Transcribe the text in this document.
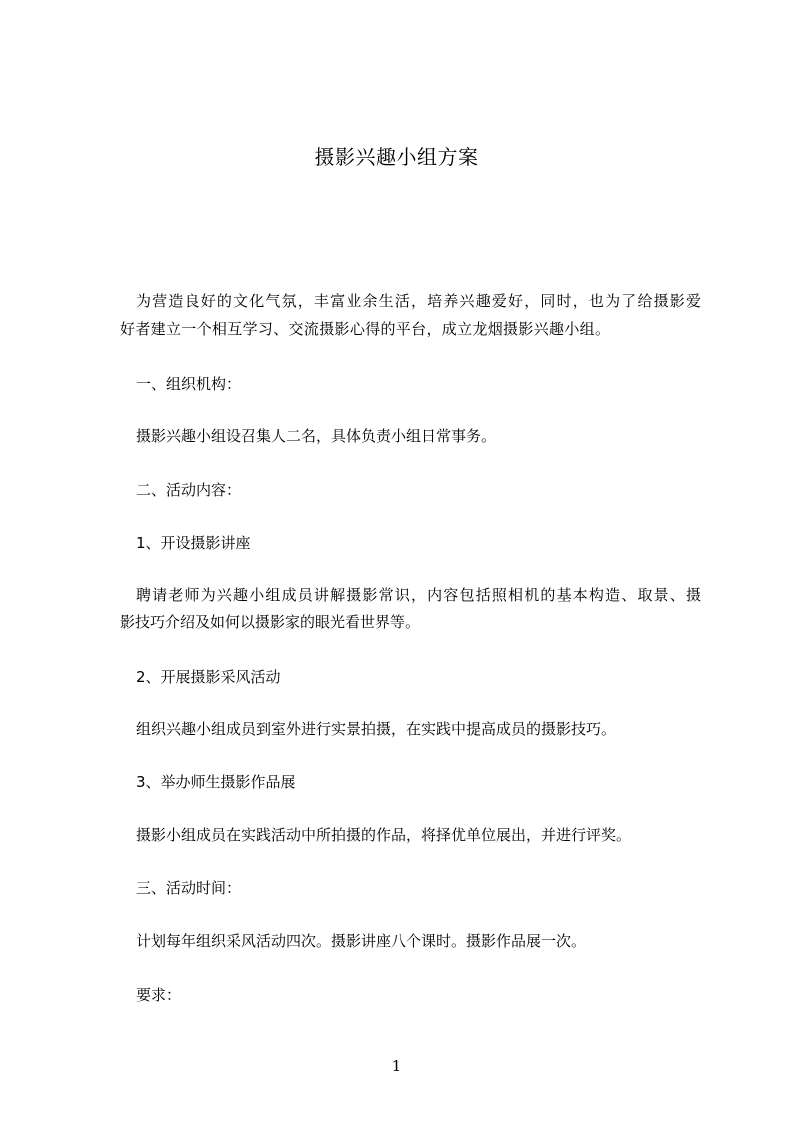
摄影兴趣小组方案
为营造良好的文化气氛，丰富业余生活，培养兴趣爱好，同时，也为了给摄影爱
好者建立一个相互学习、交流摄影心得的平台，成立龙烟摄影兴趣小组。
一、组织机构：
摄影兴趣小组设召集人二名，具体负责小组日常事务。
二、活动内容：
1、开设摄影讲座
聘请老师为兴趣小组成员讲解摄影常识，内容包括照相机的基本构造、取景、摄
影技巧介绍及如何以摄影家的眼光看世界等。
2、开展摄影采风活动
组织兴趣小组成员到室外进行实景拍摄，在实践中提高成员的摄影技巧。
3、举办师生摄影作品展
摄影小组成员在实践活动中所拍摄的作品，将择优单位展出，并进行评奖。
三、活动时间：
计划每年组织采风活动四次。摄影讲座八个课时。摄影作品展一次。
要求：
1
